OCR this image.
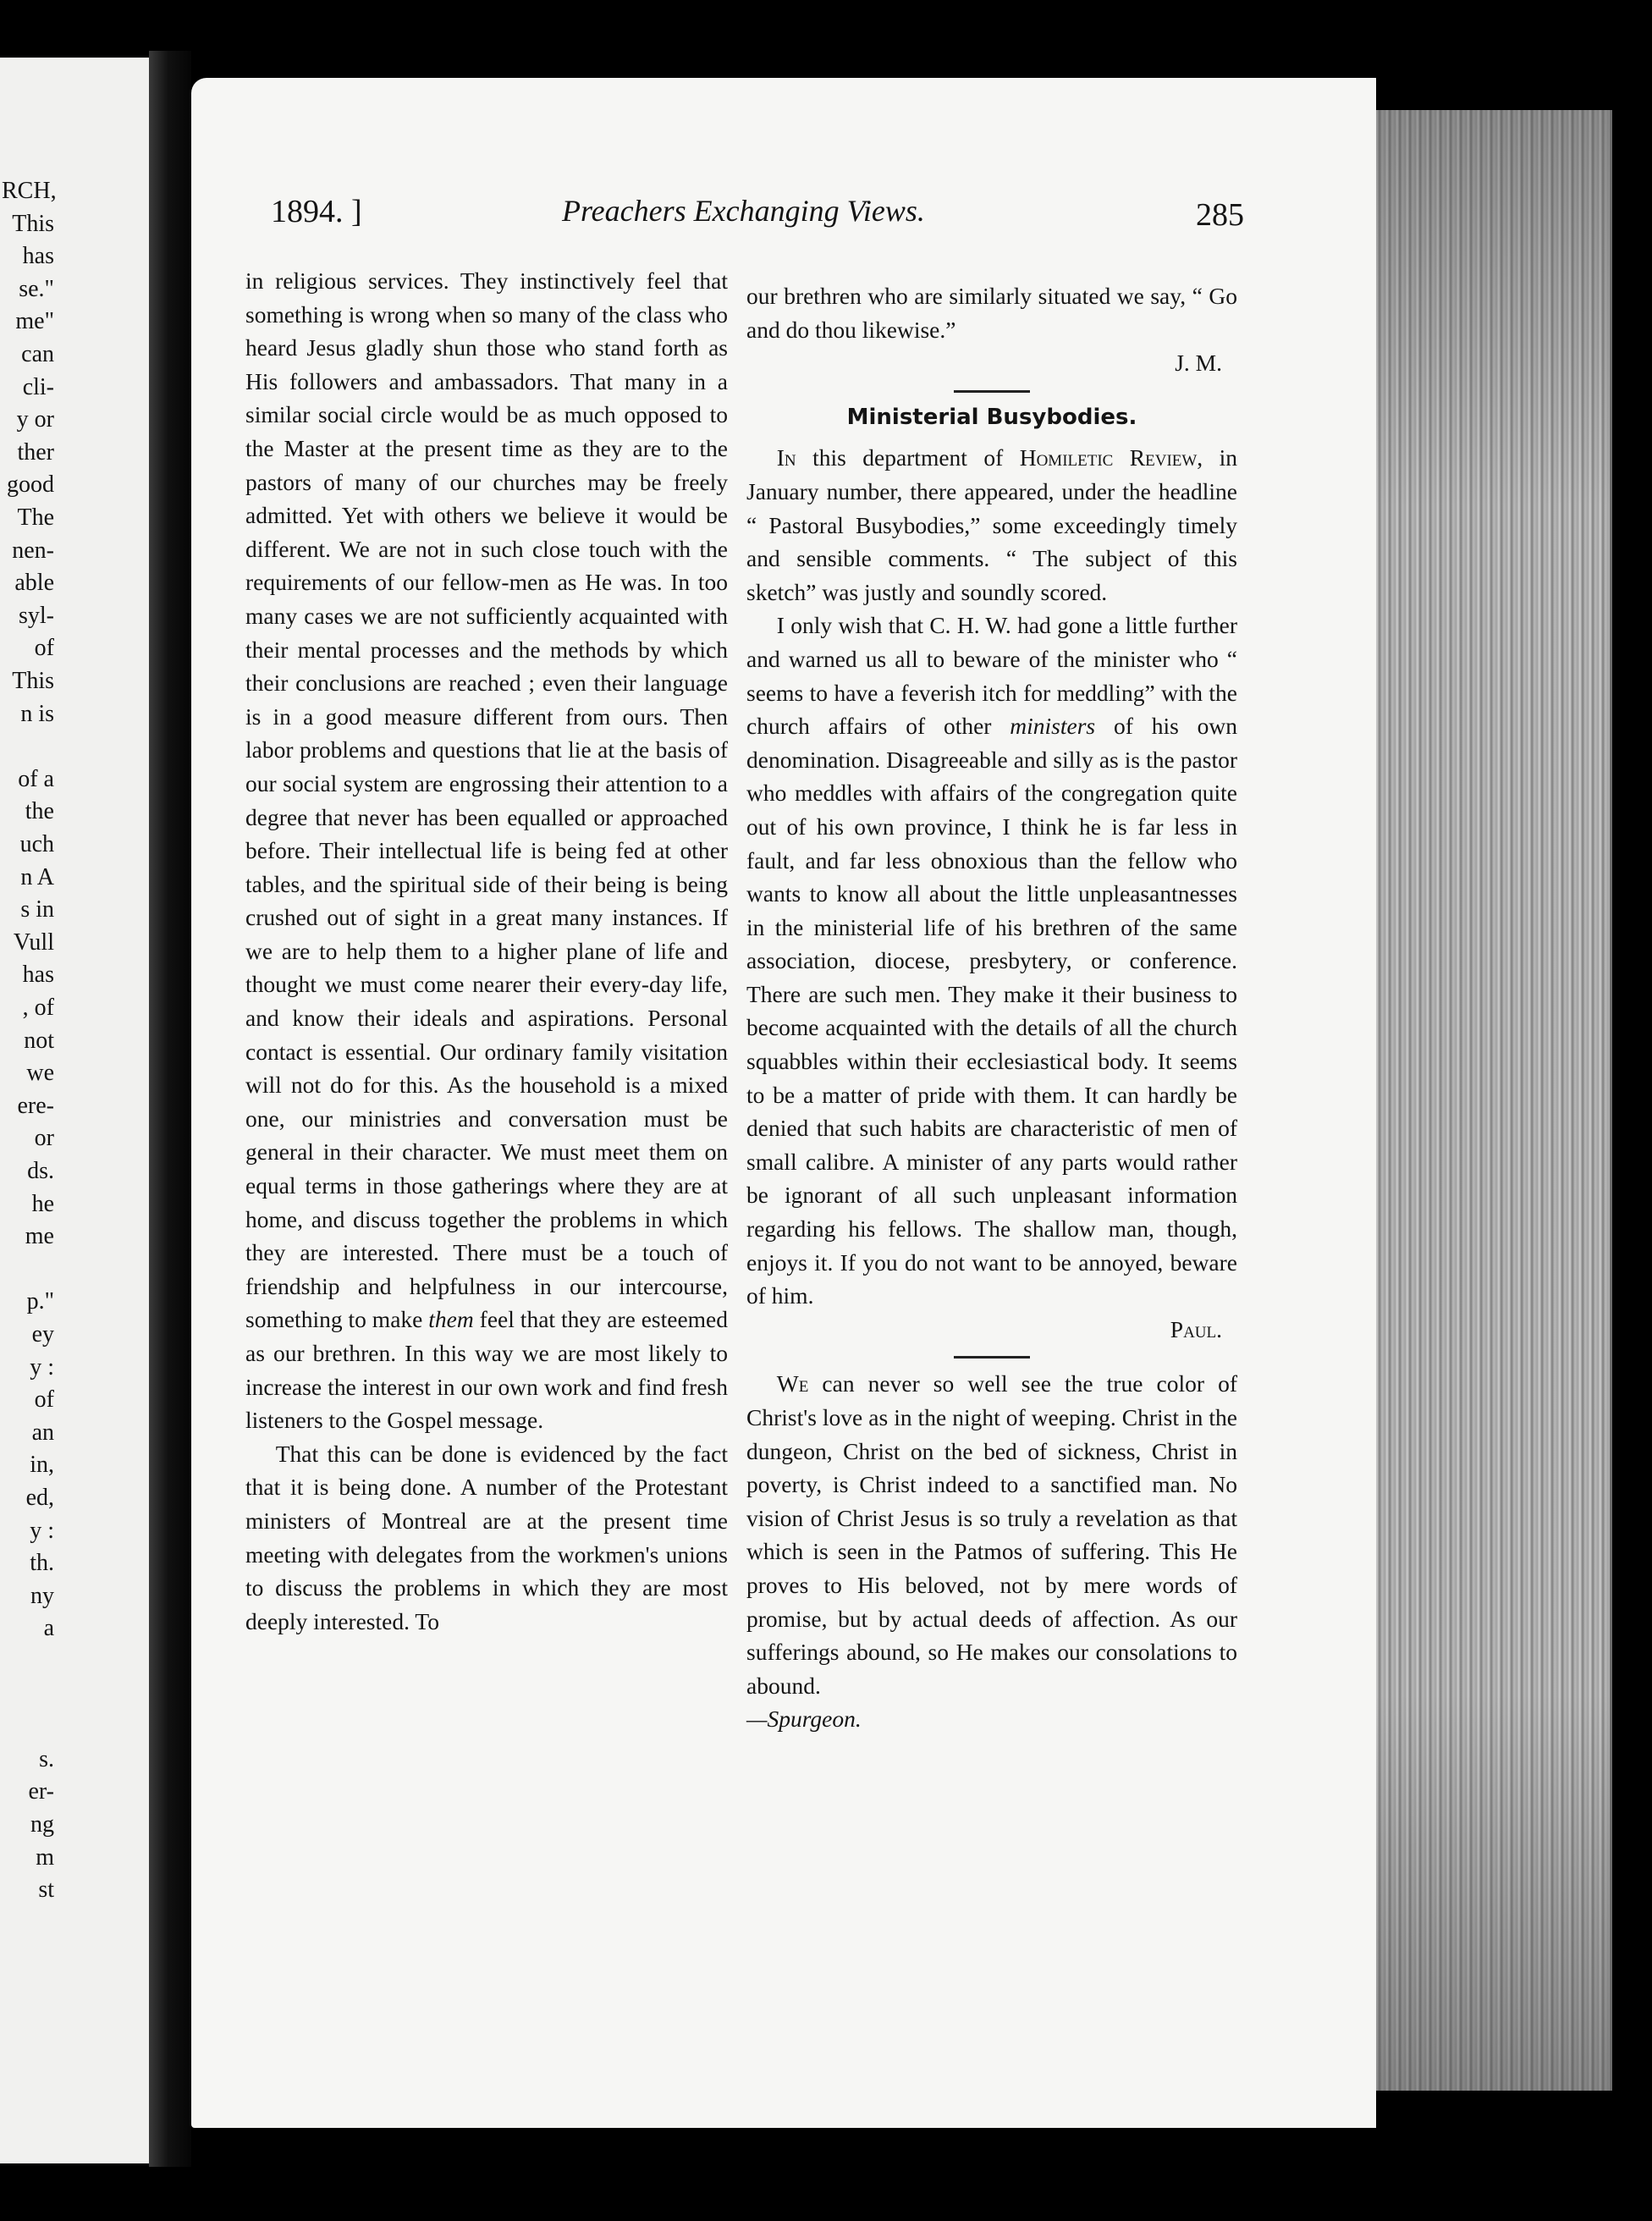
RCH,
This
has
se."
me"
can
cli-
y or
ther
good
The
nen-
able
syl-
of
This
n is
of a
the
uch
n A
s in
Vull
has
, of
not
we
ere-
or
ds.
he
me
p."
ey
y :
of
an
in,
ed,
y :
th.
ny
a
s.
er-
ng
m
st
1894. ]	Preachers Exchanging Views.	285

in religious services. They instinctively feel that something is wrong when so many of the class who heard Jesus gladly shun those who stand forth as His followers and ambassadors. That many in a similar social circle would be as much opposed to the Master at the present time as they are to the pastors of many of our churches may be freely admitted. Yet with others we believe it would be different. We are not in such close touch with the requirements of our fellow-men as He was. In too many cases we are not sufficiently acquainted with their mental processes and the methods by which their conclusions are reached ; even their language is in a good measure different from ours. Then labor problems and questions that lie at the basis of our social system are engrossing their attention to a degree that never has been equalled or approached before. Their intellectual life is being fed at other tables, and the spiritual side of their being is being crushed out of sight in a great many instances. If we are to help them to a higher plane of life and thought we must come nearer their every-day life, and know their ideals and aspirations. Personal contact is essential. Our ordinary family visitation will not do for this. As the household is a mixed one, our ministries and conversation must be general in their character. We must meet them on equal terms in those gatherings where they are at home, and discuss together the problems in which they are interested. There must be a touch of friendship and helpfulness in our intercourse, something to make them feel that they are esteemed as our brethren. In this way we are most likely to increase the interest in our own work and find fresh listeners to the Gospel message.

That this can be done is evidenced by the fact that it is being done. A number of the Protestant ministers of Montreal are at the present time meeting with delegates from the workmen's unions to discuss the problems in which they are most deeply interested. To

our brethren who are similarly situated we say, “ Go and do thou likewise.”

J. M.
Ministerial Busybodies.

In this department of Homiletic Review, in January number, there appeared, under the headline “ Pastoral Busybodies,” some exceedingly timely and sensible comments. “ The subject of this sketch” was justly and soundly scored.

I only wish that C. H. W. had gone a little further and warned us all to beware of the minister who “ seems to have a feverish itch for meddling” with the church affairs of other ministers of his own denomination. Disagreeable and silly as is the pastor who meddles with affairs of the congregation quite out of his own province, I think he is far less in fault, and far less obnoxious than the fellow who wants to know all about the little unpleasantnesses in the ministerial life of his brethren of the same association, diocese, presbytery, or conference. There are such men. They make it their business to become acquainted with the details of all the church squabbles within their ecclesiastical body. It seems to be a matter of pride with them. It can hardly be denied that such habits are characteristic of men of small calibre. A minister of any parts would rather be ignorant of all such unpleasant information regarding his fellows. The shallow man, though, enjoys it. If you do not want to be annoyed, beware of him.

Paul.

We can never so well see the true color of Christ's love as in the night of weeping. Christ in the dungeon, Christ on the bed of sickness, Christ in poverty, is Christ indeed to a sanctified man. No vision of Christ Jesus is so truly a revelation as that which is seen in the Patmos of suffering. This He proves to His beloved, not by mere words of promise, but by actual deeds of affection. As our sufferings abound, so He makes our consolations to abound.

—Spurgeon.
